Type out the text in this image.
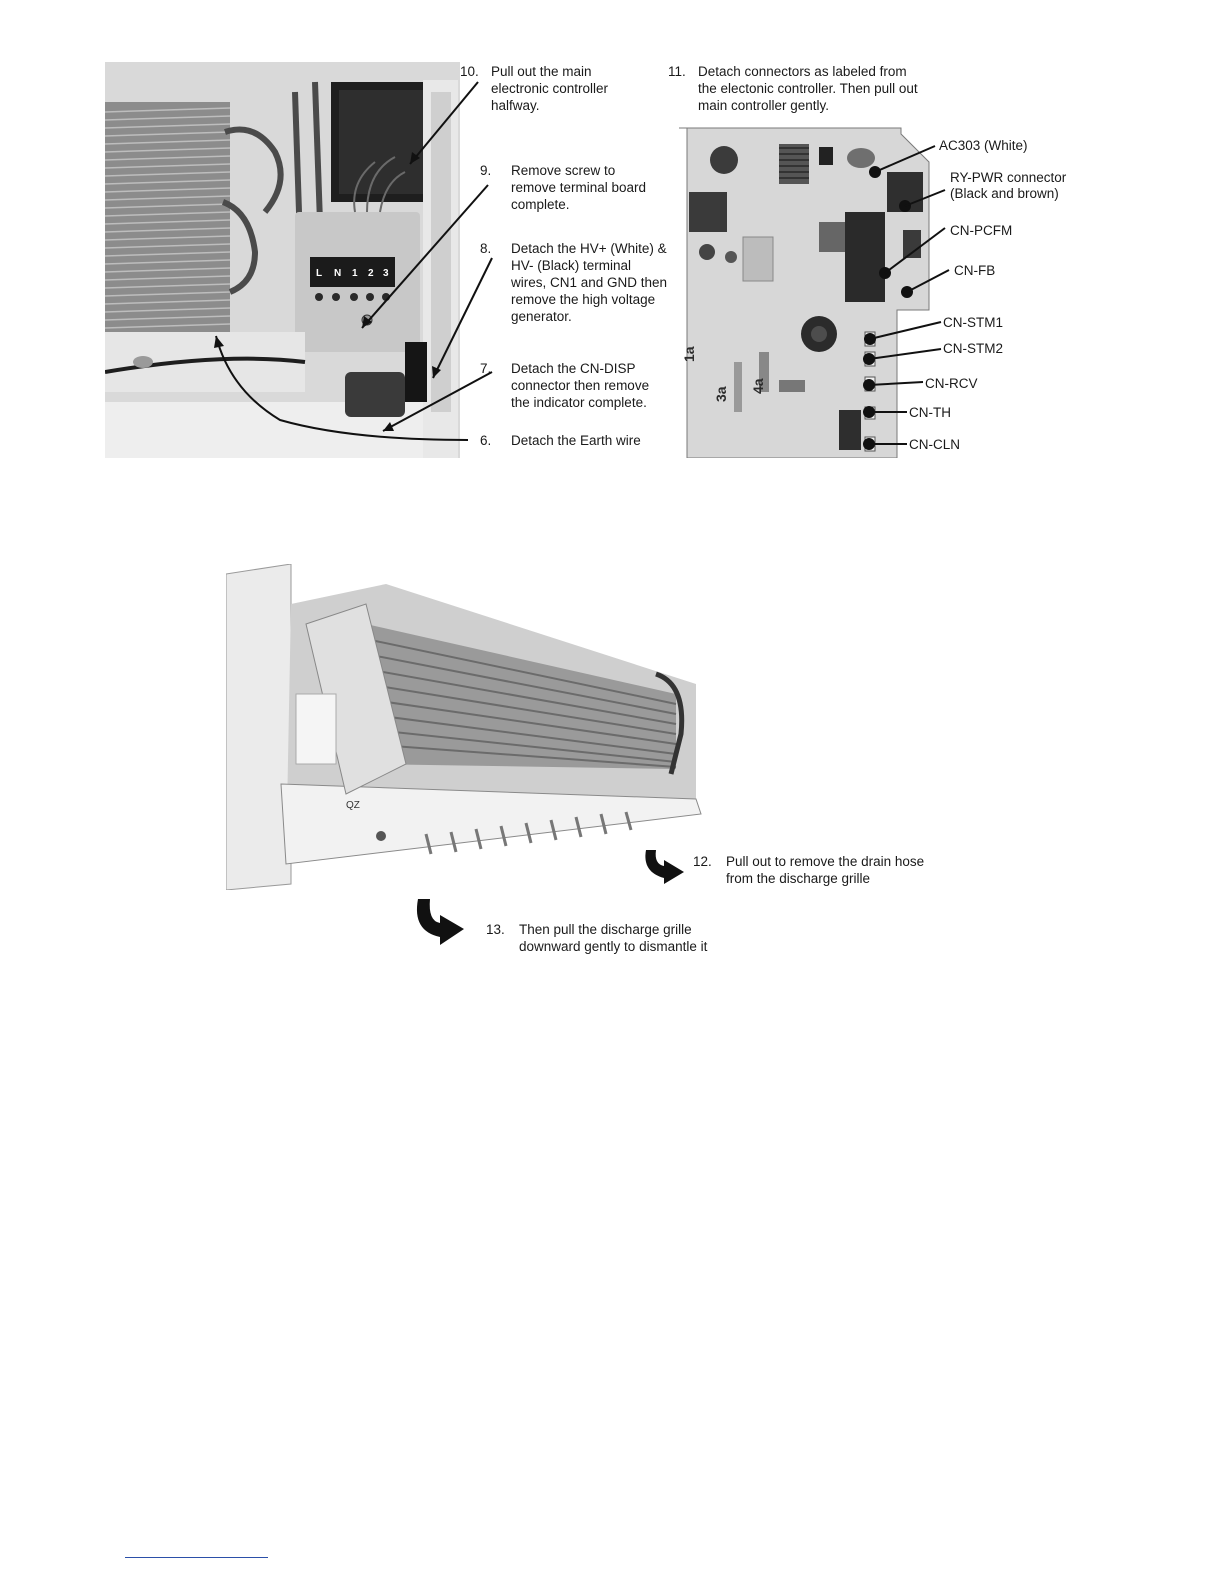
L N 1 2 3
1a
3a
4a
QZ
10. Pull out the main
electronic controller
halfway.
11. Detach connectors as labeled from
the electonic controller. Then pull out
main controller gently.
9. Remove screw to
remove terminal board
complete.
8. Detach the HV+ (White) &
HV- (Black) terminal
wires, CN1 and GND then
remove the high voltage
generator.
7. Detach the CN-DISP
connector then remove
the indicator complete.
6. Detach the Earth wire
12. Pull out to remove the drain hose
from the discharge grille
13. Then pull the discharge grille
downward gently to dismantle it
AC303 (White)
RY-PWR connector
(Black and brown)
CN-PCFM
CN-FB
CN-STM1
CN-STM2
CN-RCV
CN-TH
CN-CLN
